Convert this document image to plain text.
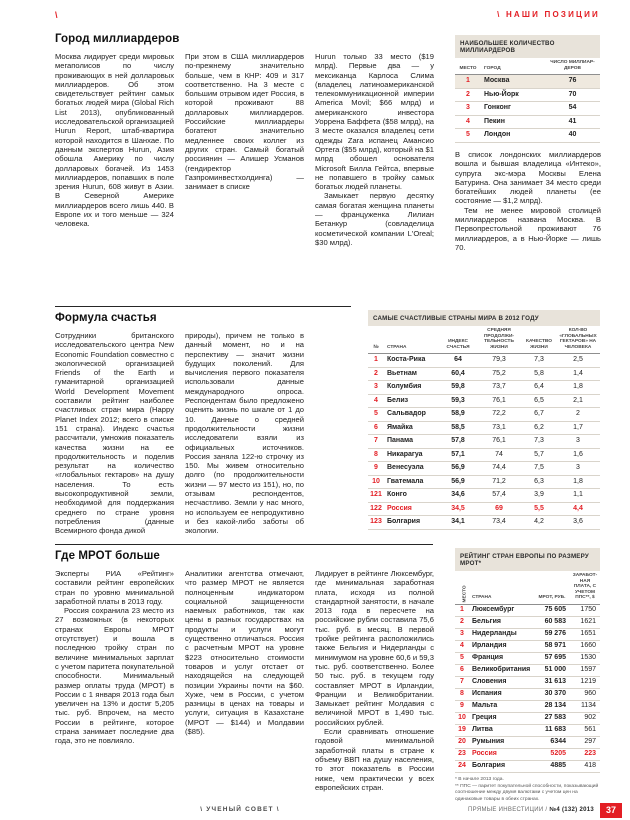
\	\ НАШИ ПОЗИЦИИ
Город миллиардеров

Москва лидирует среди мировых мегаполисов по числу проживающих в ней долларовых миллиардеров. Об этом свидетельствует рейтинг самых богатых людей мира (Global Rich List 2013), опубликованный исследовательской организацией Hurun Report, штаб-квартира которой находится в Шанхае. По данным экспертов Hurun, Азия обошла Америку по числу долларовых богачей. Из 1453 миллиардеров, попавших в поле зрения Hurun, 608 живут в Азии. В Северной Америке миллиардеров всего лишь 440. В Европе их и того меньше — 324 человека.

При этом в США миллиардеров по-прежнему значительно больше, чем в КНР: 409 и 317 соответственно. На 3 месте с большим отрывом идет Россия, в которой проживают 88 долларовых миллиардеров. Российские миллиардеры богатеют значительно медленнее своих коллег из других стран. Самый богатый россиянин — Алишер Усманов (гендиректор Газпроминвестхолдинга) — занимает в списке

Hurun только 33 место ($19 млрд). Первые два — у мексиканца Карлоса Слима (владелец латиноамериканской телекоммуникационной империи America Movil; $66 млрд) и американского инвестора Уоррена Баффета ($58 млрд), на 3 месте оказался владелец сети одежды Zara испанец Амансио Ортега ($55 млрд), который на $1 млрд обошел основателя Microsoft Билла Гейтса, впервые не попавшего в тройку самых богатых людей планеты.

Замыкает первую десятку самая богатая женщина планеты — француженка Лилиан Бетанкур (совладелица косметической компании L'Oreal; $30 млрд).

НАИБОЛЬШЕЕ КОЛИЧЕСТВО МИЛЛИАРДЕРОВ
МЕСТО	ГОРОД	ЧИСЛО МИЛЛИАРДЕРОВ
1	Москва	76
2	Нью-Йорк	70
3	Гонконг	54
4	Пекин	41
5	Лондон	40

В список лондонских миллиардеров вошла и бывшая владелица «Интеко», супруга экс-мэра Москвы Елена Батурина. Она занимает 34 место среди богатейших людей планеты (ее состояние — $1,2 млрд).

Тем не менее мировой столицей миллиардеров названа Москва. В Первопрестольной проживают 76 миллиардеров, а в Нью-Йорке — лишь 70.

Формула счастья

Сотрудники британского исследовательского центра New Economic Foundation совместно с экологической организацией Friends of the Earth и гуманитарной организацией World Development Movement составили рейтинг наиболее счастливых стран мира (Happy Planet Index 2012; всего в списке 151 страна). Индекс счастья рассчитали, умножив показатель качества жизни на ее продолжительность и поделив результат на количество «глобальных гектаров» на душу населения. То есть высокопродуктивной земли, необходимой для поддержания среднего по стране уровня потребления (данные Всемирного фонда дикой

природы), причем не только в данный момент, но и на перспективу — значит жизни будущих поколений. Для вычисления первого показателя использовали данные международного опроса. Респондентам было предложено оценить жизнь по шкале от 1 до 10. Данные о средней продолжительности жизни исследователи взяли из официальных источников. Россия заняла 122-ю строчку из 150. Мы живем относительно долго (по продолжительности жизни — 97 место из 151), но, по отзывам респондентов, несчастливо. Земли у нас много, но используем ее непродуктивно и без какой-либо заботы об экологии.

САМЫЕ СЧАСТЛИВЫЕ СТРАНЫ МИРА В 2012 ГОДУ
№	СТРАНА	ИНДЕКС СЧАСТЬЯ	СРЕДНЯЯ ПРОДОЛЖИТЕЛЬНОСТЬ ЖИЗНИ	КАЧЕСТВО ЖИЗНИ	КОЛ-ВО «ГЛОБАЛЬНЫХ ГЕКТАРОВ» НА ЧЕЛОВЕКА
1	Коста-Рика	64	79,3	7,3	2,5
2	Вьетнам	60,4	75,2	5,8	1,4
3	Колумбия	59,8	73,7	6,4	1,8
4	Белиз	59,3	76,1	6,5	2,1
5	Сальвадор	58,9	72,2	6,7	2
6	Ямайка	58,5	73,1	6,2	1,7
7	Панама	57,8	76,1	7,3	3
8	Никарагуа	57,1	74	5,7	1,6
9	Венесуэла	56,9	74,4	7,5	3
10	Гватемала	56,9	71,2	6,3	1,8
121	Конго	34,6	57,4	3,9	1,1
122	Россия	34,5	69	5,5	4,4
123	Болгария	34,1	73,4	4,2	3,6
Где МРОТ больше

Эксперты РИА «Рейтинг» составили рейтинг европейских стран по уровню минимальной заработной платы в 2013 году.

Россия сохранила 23 место из 27 возможных (в некоторых странах Европы МРОТ отсутствует) и вошла в последнюю тройку стран по величине минимальных зарплат с учетом паритета покупательной способности. Минимальный размер оплаты труда (МРОТ) в России с 1 января 2013 года был увеличен на 13% и достиг 5,205 тыс. руб. Впрочем, на место России в рейтинге, которое страна занимает последние два года, это не повлияло.

Аналитики агентства отмечают, что размер МРОТ не является полноценным индикатором социальной защищенности наемных работников, так как цены в разных государствах на продукты и услуги могут существенно отличаться. Россия с расчетным МРОТ на уровне $223 относительно стоимости товаров и услуг отстает от находящейся на следующей позиции Украины почти на $60. Хуже, чем в России, с учетом разницы в ценах на товары и услуги, ситуация в Казахстане (МРОТ — $144) и Молдавии ($85).

Лидирует в рейтинге Люксембург, где минимальная заработная плата, исходя из полной стандартной занятости, в начале 2013 года в пересчете на российские рубли составила 75,6 тыс. руб. в месяц. В первой тройке рейтинга расположились также Бельгия и Нидерланды с минимумом на уровне 60,6 и 59,3 тыс. руб. соответственно. Более 50 тыс. руб. в текущем году составляет МРОТ в Ирландии, Франции и Великобритании. Замыкает рейтинг Молдавия с величиной МРОТ в 1,490 тыс. российских рублей.

Если сравнивать отношение годовой минимальной заработной платы в стране к объему ВВП на душу населения, то этот показатель в России ниже, чем практически у всех европейских стран.

РЕЙТИНГ СТРАН ЕВРОПЫ ПО РАЗМЕРУ МРОТ*
МЕСТО	СТРАНА	МРОТ, РУБ.	ЗАРАБОТНАЯ ПЛАТА, С УЧЕТОМ ППС**, $
1	Люксембург	75 605	1750
2	Бельгия	60 583	1621
3	Нидерланды	59 276	1651
4	Ирландия	58 971	1660
5	Франция	57 695	1530
6	Великобритания	51 000	1597
7	Словения	31 613	1219
8	Испания	30 370	960
9	Мальта	28 134	1134
10	Греция	27 583	902
19	Литва	11 683	561
20	Румыния	6344	297
23	Россия	5205	223
24	Болгария	4885	418

* В начале 2013 года.

** ППС — паритет покупательной способности, показывающий соотношение между двумя валютами с учетом цен на одинаковые товары в обеих странах.

\ УЧЕНЫЙ СОВЕТ \	ПРЯМЫЕ ИНВЕСТИЦИИ / №4 (132) 2013	37
